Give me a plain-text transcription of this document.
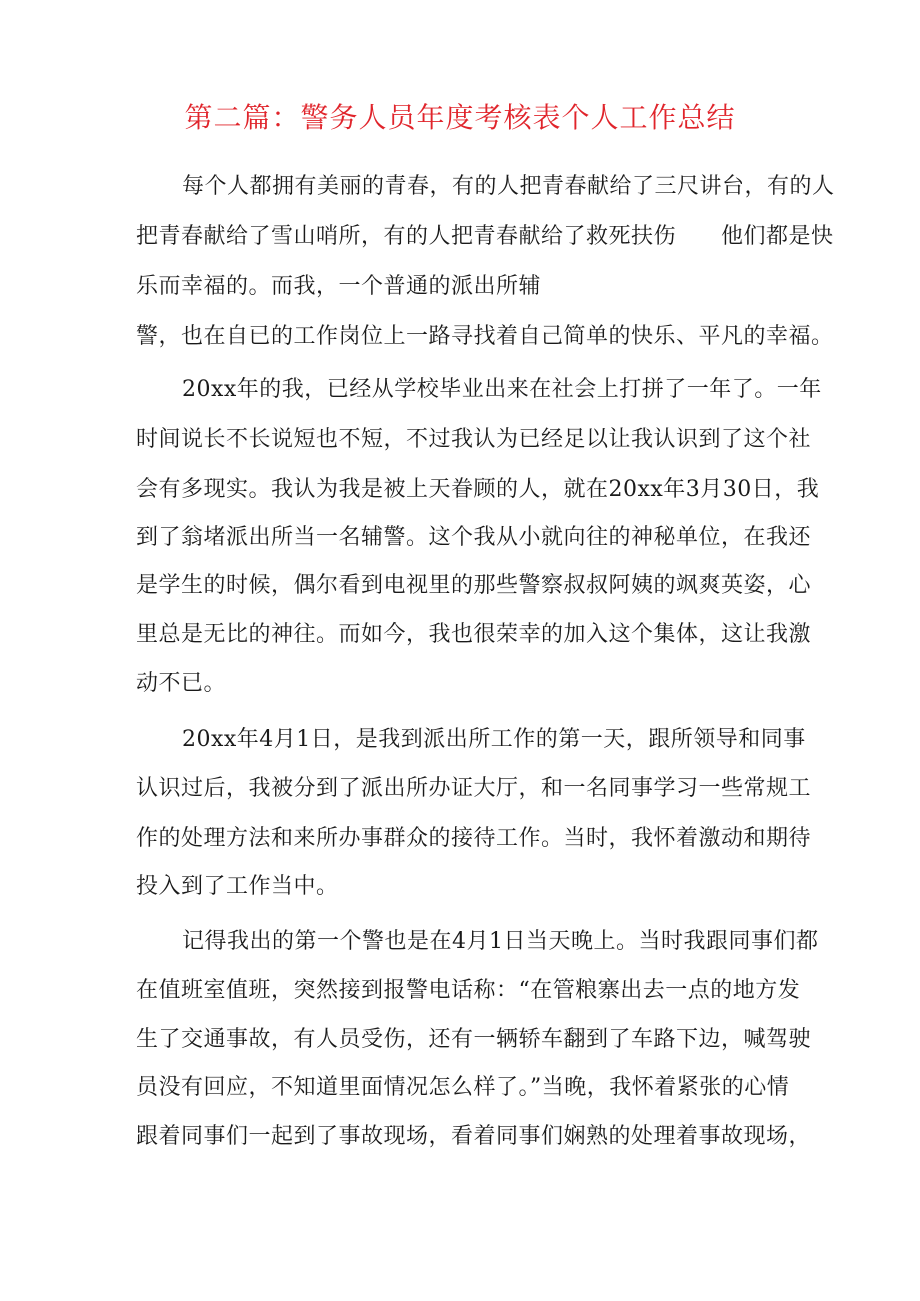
第二篇：警务人员年度考核表个人工作总结
每个人都拥有美丽的青春，有的人把青春献给了三尺讲台，有的人
把青春献给了雪山哨所，有的人把青春献给了救死扶伤　　他们都是快
乐而幸福的。而我，一个普通的派出所辅
警，也在自已的工作岗位上一路寻找着自己简单的快乐、平凡的幸福。
20xx年的我，已经从学校毕业出来在社会上打拼了一年了。一年
时间说长不长说短也不短，不过我认为已经足以让我认识到了这个社
会有多现实。我认为我是被上天眷顾的人，就在20xx年3月30日，我
到了翁堵派出所当一名辅警。这个我从小就向往的神秘单位，在我还
是学生的时候，偶尔看到电视里的那些警察叔叔阿姨的飒爽英姿，心
里总是无比的神往。而如今，我也很荣幸的加入这个集体，这让我激
动不已。
20xx年4月1日，是我到派出所工作的第一天，跟所领导和同事
认识过后，我被分到了派出所办证大厅，和一名同事学习一些常规工
作的处理方法和来所办事群众的接待工作。当时，我怀着激动和期待
投入到了工作当中。
记得我出的第一个警也是在4月1日当天晚上。当时我跟同事们都
在值班室值班，突然接到报警电话称：“在管粮寨出去一点的地方发
生了交通事故，有人员受伤，还有一辆轿车翻到了车路下边，喊驾驶
员没有回应，不知道里面情况怎么样了。”当晚，我怀着紧张的心情
跟着同事们一起到了事故现场，看着同事们娴熟的处理着事故现场，
